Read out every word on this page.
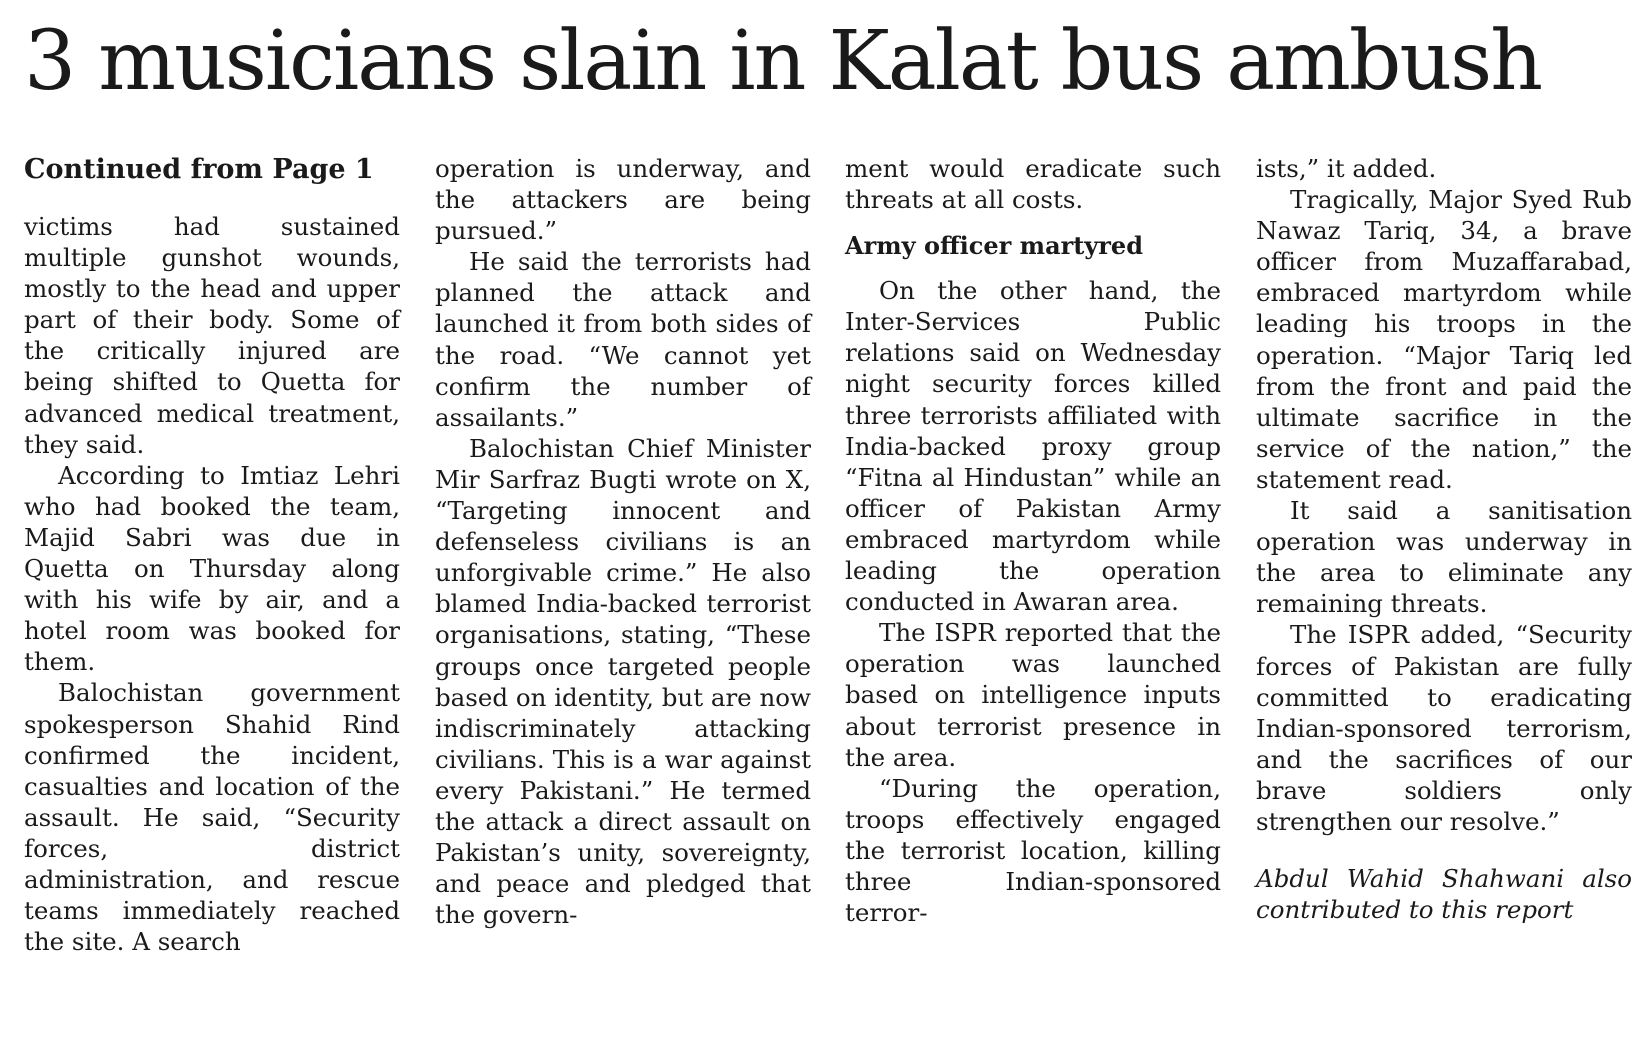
3 musicians slain in Kalat bus ambush
Continued from Page 1

victims had sustained multiple gunshot wounds, mostly to the head and upper part of their body. Some of the critically injured are being shifted to Quetta for advanced medical treatment, they said.

According to Imtiaz Lehri who had booked the team, Majid Sabri was due in Quetta on Thursday along with his wife by air, and a hotel room was booked for them.

Balochistan government spokesperson Shahid Rind confirmed the incident, casualties and location of the assault. He said, “Security forces, district administration, and rescue teams immediately reached the site. A search

operation is underway, and the attackers are being pursued.”

He said the terrorists had planned the attack and launched it from both sides of the road. “We cannot yet confirm the number of assailants.”

Balochistan Chief Minister Mir Sarfraz Bugti wrote on X, “Targeting innocent and defenseless civilians is an unforgivable crime.” He also blamed India-backed terrorist organisations, stating, “These groups once targeted people based on identity, but are now indiscriminately attacking civilians. This is a war against every Pakistani.” He termed the attack a direct assault on Pakistan’s unity, sovereignty, and peace and pledged that the govern-

ment would eradicate such threats at all costs.

Army officer martyred

On the other hand, the Inter-Services Public relations said on Wednesday night security forces killed three terrorists affiliated with India-backed proxy group “Fitna al Hindustan” while an officer of Pakistan Army embraced martyrdom while leading the operation conducted in Awaran area.

The ISPR reported that the operation was launched based on intelligence inputs about terrorist presence in the area.

“During the operation, troops effectively engaged the terrorist location, killing three Indian-sponsored terror-

ists,” it added.

Tragically, Major Syed Rub Nawaz Tariq, 34, a brave officer from Muzaffarabad, embraced martyrdom while leading his troops in the operation. “Major Tariq led from the front and paid the ultimate sacrifice in the service of the nation,” the statement read.

It said a sanitisation operation was underway in the area to eliminate any remaining threats.

The ISPR added, “Security forces of Pakistan are fully committed to eradicating Indian-sponsored terrorism, and the sacrifices of our brave soldiers only strengthen our resolve.”

Abdul Wahid Shahwani also contributed to this report
